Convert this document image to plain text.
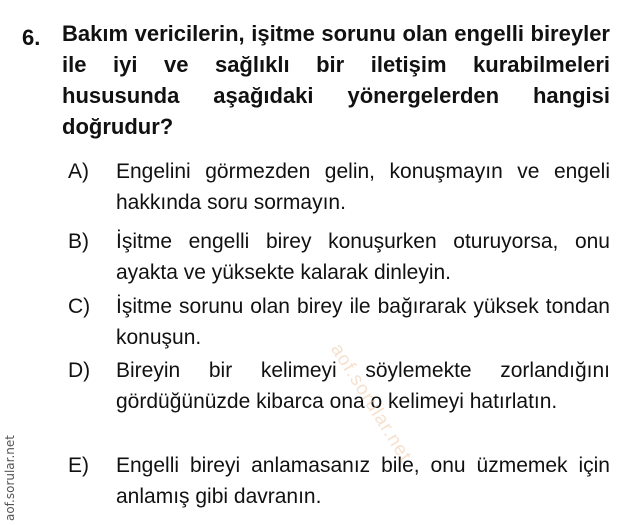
6. Bakım vericilerin, işitme sorunu olan engelli bireyler ile iyi ve sağlıklı bir iletişim kurabilmeleri hususunda aşağıdaki yönergelerden hangisi doğrudur?
A) Engelini görmezden gelin, konuşmayın ve engeli hakkında soru sormayın.
B) İşitme engelli birey konuşurken oturuyorsa, onu ayakta ve yüksekte kalarak dinleyin.
C) İşitme sorunu olan birey ile bağırarak yüksek tondan konuşun.
D) Bireyin bir kelimeyi söylemekte zorlandığını gördüğünüzde kibarca ona o kelimeyi hatırlatın.
E) Engelli bireyi anlamasanız bile, onu üzmemek için anlamış gibi davranın.
aof.sorular.net
aof.sorular.net
